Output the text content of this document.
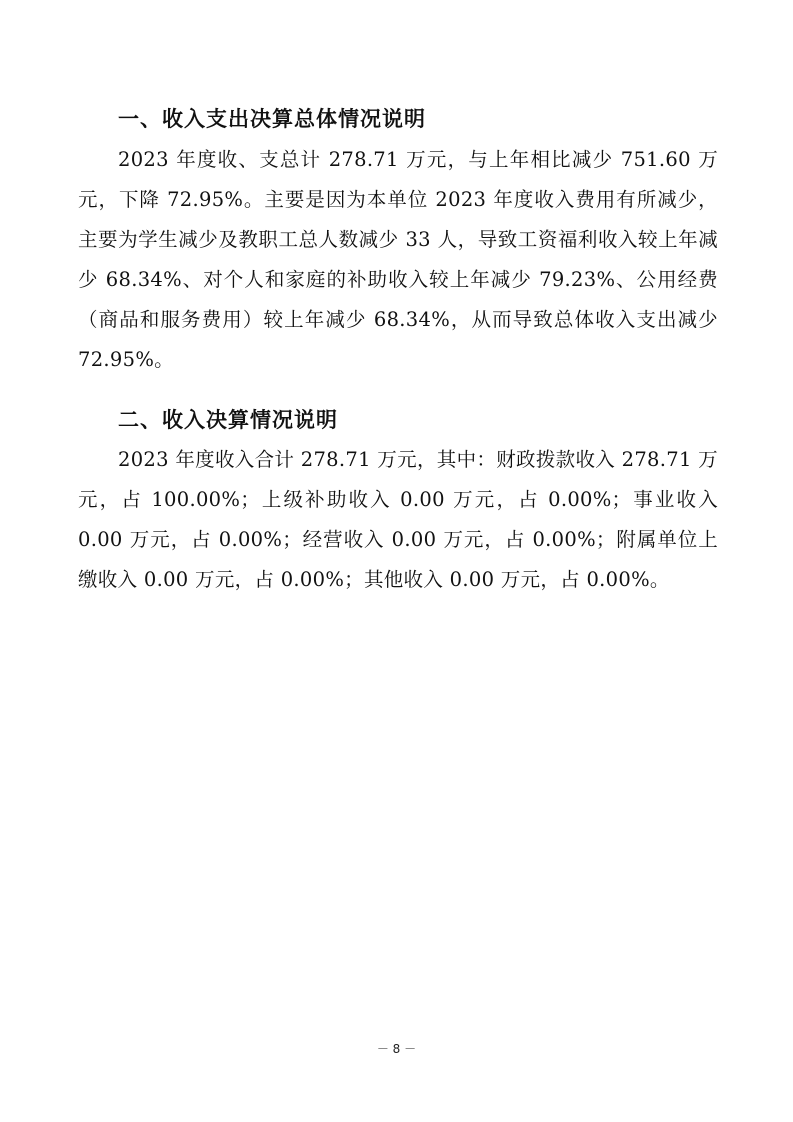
一、收入支出决算总体情况说明
2023 年度收、支总计 278.71 万元，与上年相比减少 751.60 万元，下降 72.95%。主要是因为本单位 2023 年度收入费用有所减少，主要为学生减少及教职工总人数减少 33 人，导致工资福利收入较上年减少 68.34%、对个人和家庭的补助收入较上年减少 79.23%、公用经费（商品和服务费用）较上年减少 68.34%，从而导致总体收入支出减少 72.95%。
二、收入决算情况说明
2023 年度收入合计 278.71 万元，其中：财政拨款收入 278.71 万元，占 100.00%；上级补助收入 0.00 万元，占 0.00%；事业收入 0.00 万元，占 0.00%；经营收入 0.00 万元，占 0.00%；附属单位上缴收入 0.00 万元，占 0.00%；其他收入 0.00 万元，占 0.00%。
－ 8 －
